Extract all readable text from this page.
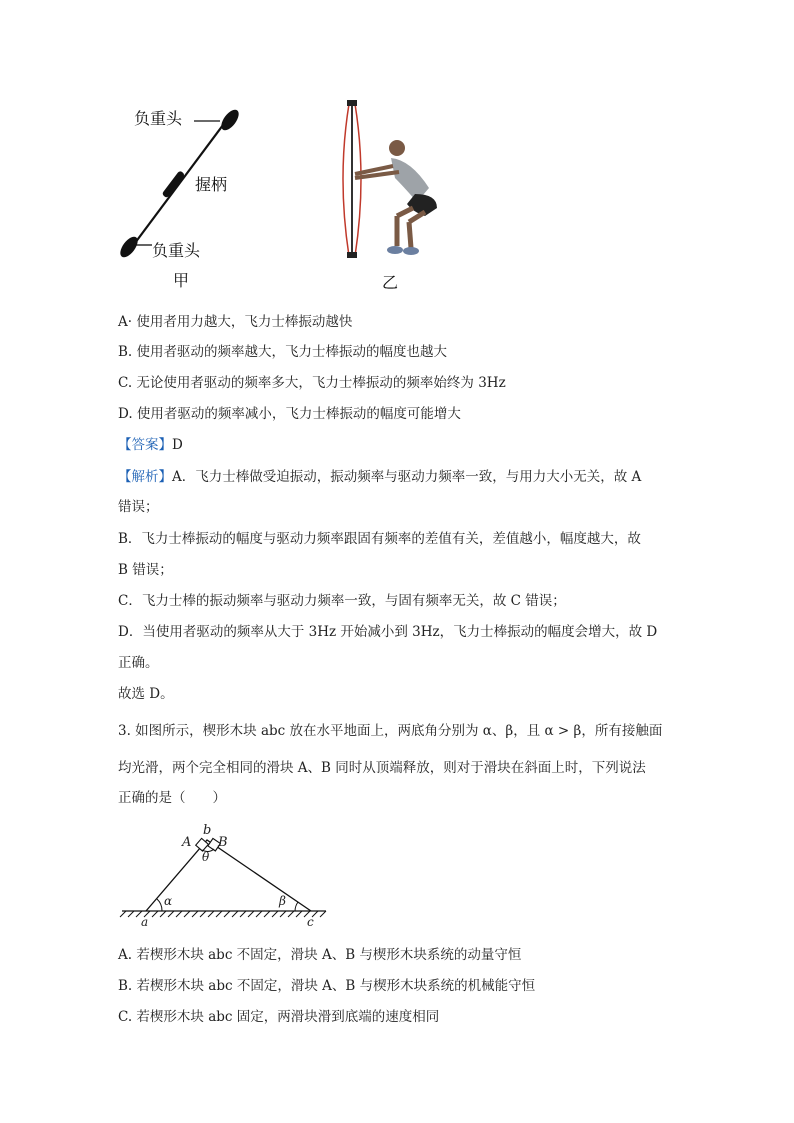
负重头
握柄
负重头
甲	乙
A· 使用者用力越大，飞力士棒振动越快
B. 使用者驱动的频率越大，飞力士棒振动的幅度也越大
C. 无论使用者驱动的频率多大，飞力士棒振动的频率始终为 3Hz
D. 使用者驱动的频率减小，飞力士棒振动的幅度可能增大
【答案】D
【解析】A．飞力士棒做受迫振动，振动频率与驱动力频率一致，与用力大小无关，故 A
错误；
B．飞力士棒振动的幅度与驱动力频率跟固有频率的差值有关，差值越小，幅度越大，故
B 错误；
C．飞力士棒的振动频率与驱动力频率一致，与固有频率无关，故 C 错误；
D．当使用者驱动的频率从大于 3Hz 开始减小到 3Hz，飞力士棒振动的幅度会增大，故 D
正确。
故选 D。
3. 如图所示，楔形木块 abc 放在水平地面上，两底角分别为 α、β，且 α > β，所有接触面
均光滑，两个完全相同的滑块 A、B 同时从顶端释放，则对于滑块在斜面上时，下列说法
正确的是（　　）
A
b
B
θ
α	β
a	c
A. 若楔形木块 abc 不固定，滑块 A、B 与楔形木块系统的动量守恒
B. 若楔形木块 abc 不固定，滑块 A、B 与楔形木块系统的机械能守恒
C. 若楔形木块 abc 固定，两滑块滑到底端的速度相同
